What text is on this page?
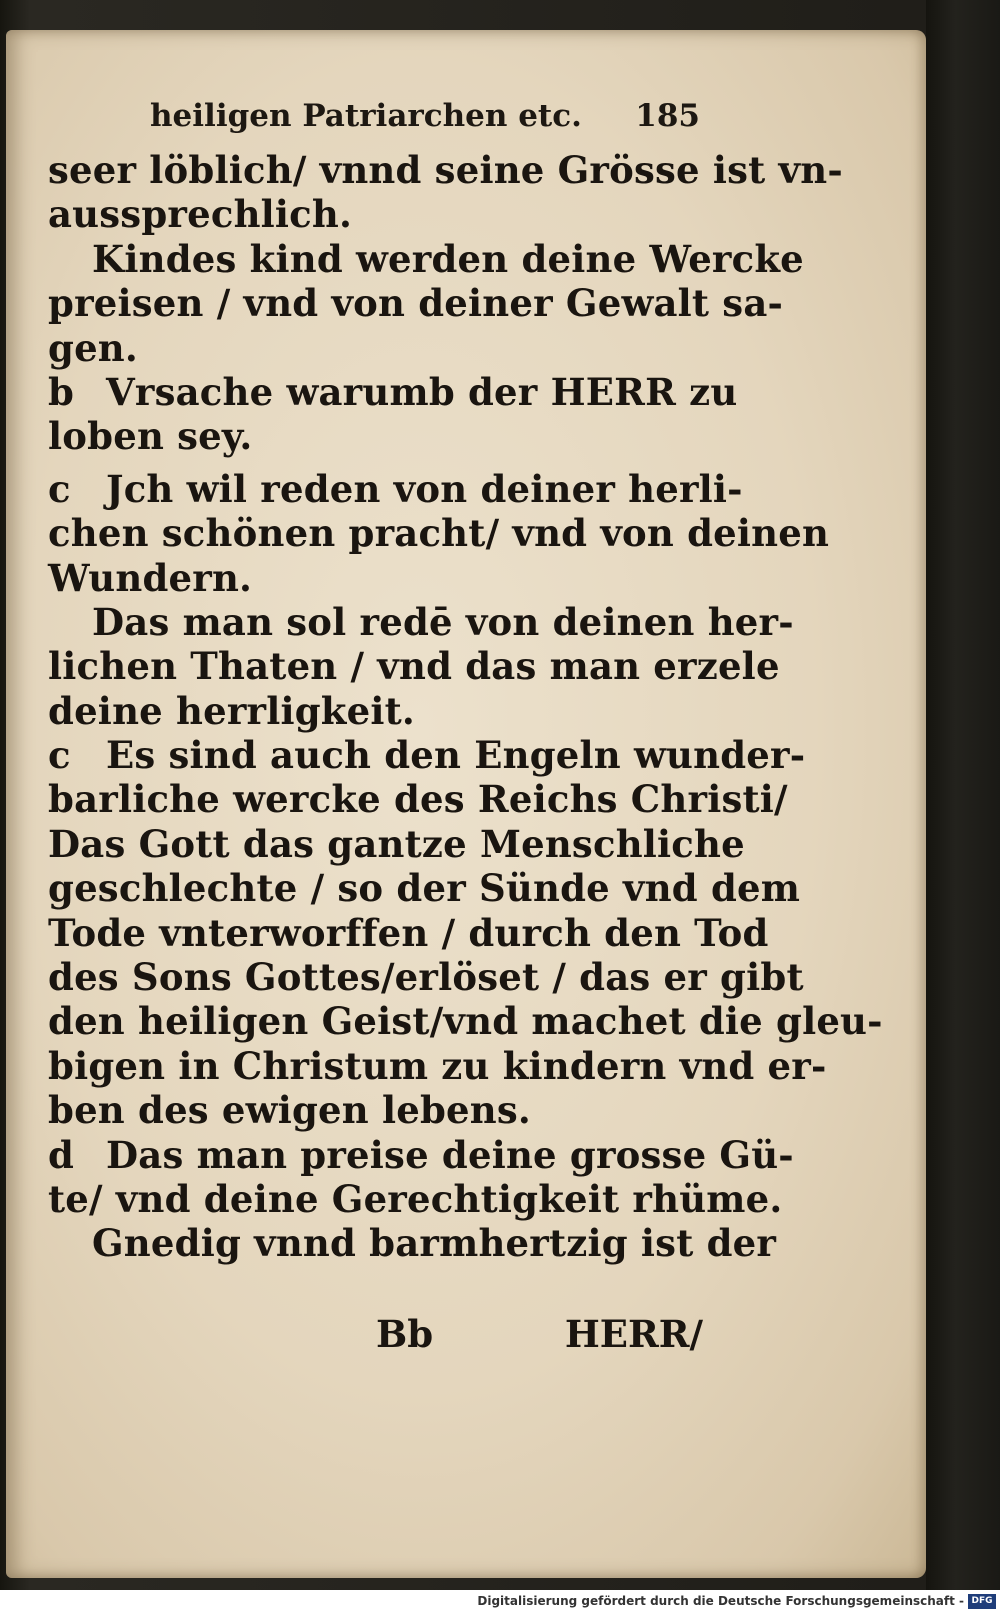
heiligen Patriarchen etc. 185
seer löblich/ vnnd seine Grösse ist vn-
aussprechlich.
Kindes kind werden deine Wercke
preisen / vnd von deiner Gewalt sa-
gen.
b Vrsache warumb der HERR zu
loben sey.
c Jch wil reden von deiner herli-
chen schönen pracht/ vnd von deinen
Wundern.
Das man sol redē von deinen her-
lichen Thaten / vnd das man erzele
deine herrligkeit.
c Es sind auch den Engeln wunder-
barliche wercke des Reichs Christi/
Das Gott das gantze Menschliche
geschlechte / so der Sünde vnd dem
Tode vnterworffen / durch den Tod
des Sons Gottes/erlöset / das er gibt
den heiligen Geist/vnd machet die gleu-
bigen in Christum zu kindern vnd er-
ben des ewigen lebens.
d Das man preise deine grosse Gü-
te/ vnd deine Gerechtigkeit rhüme.
Gnedig vnnd barmhertzig ist der
Bb	HERR/
Digitalisierung gefördert durch die Deutsche Forschungsgemeinschaft - DFG
